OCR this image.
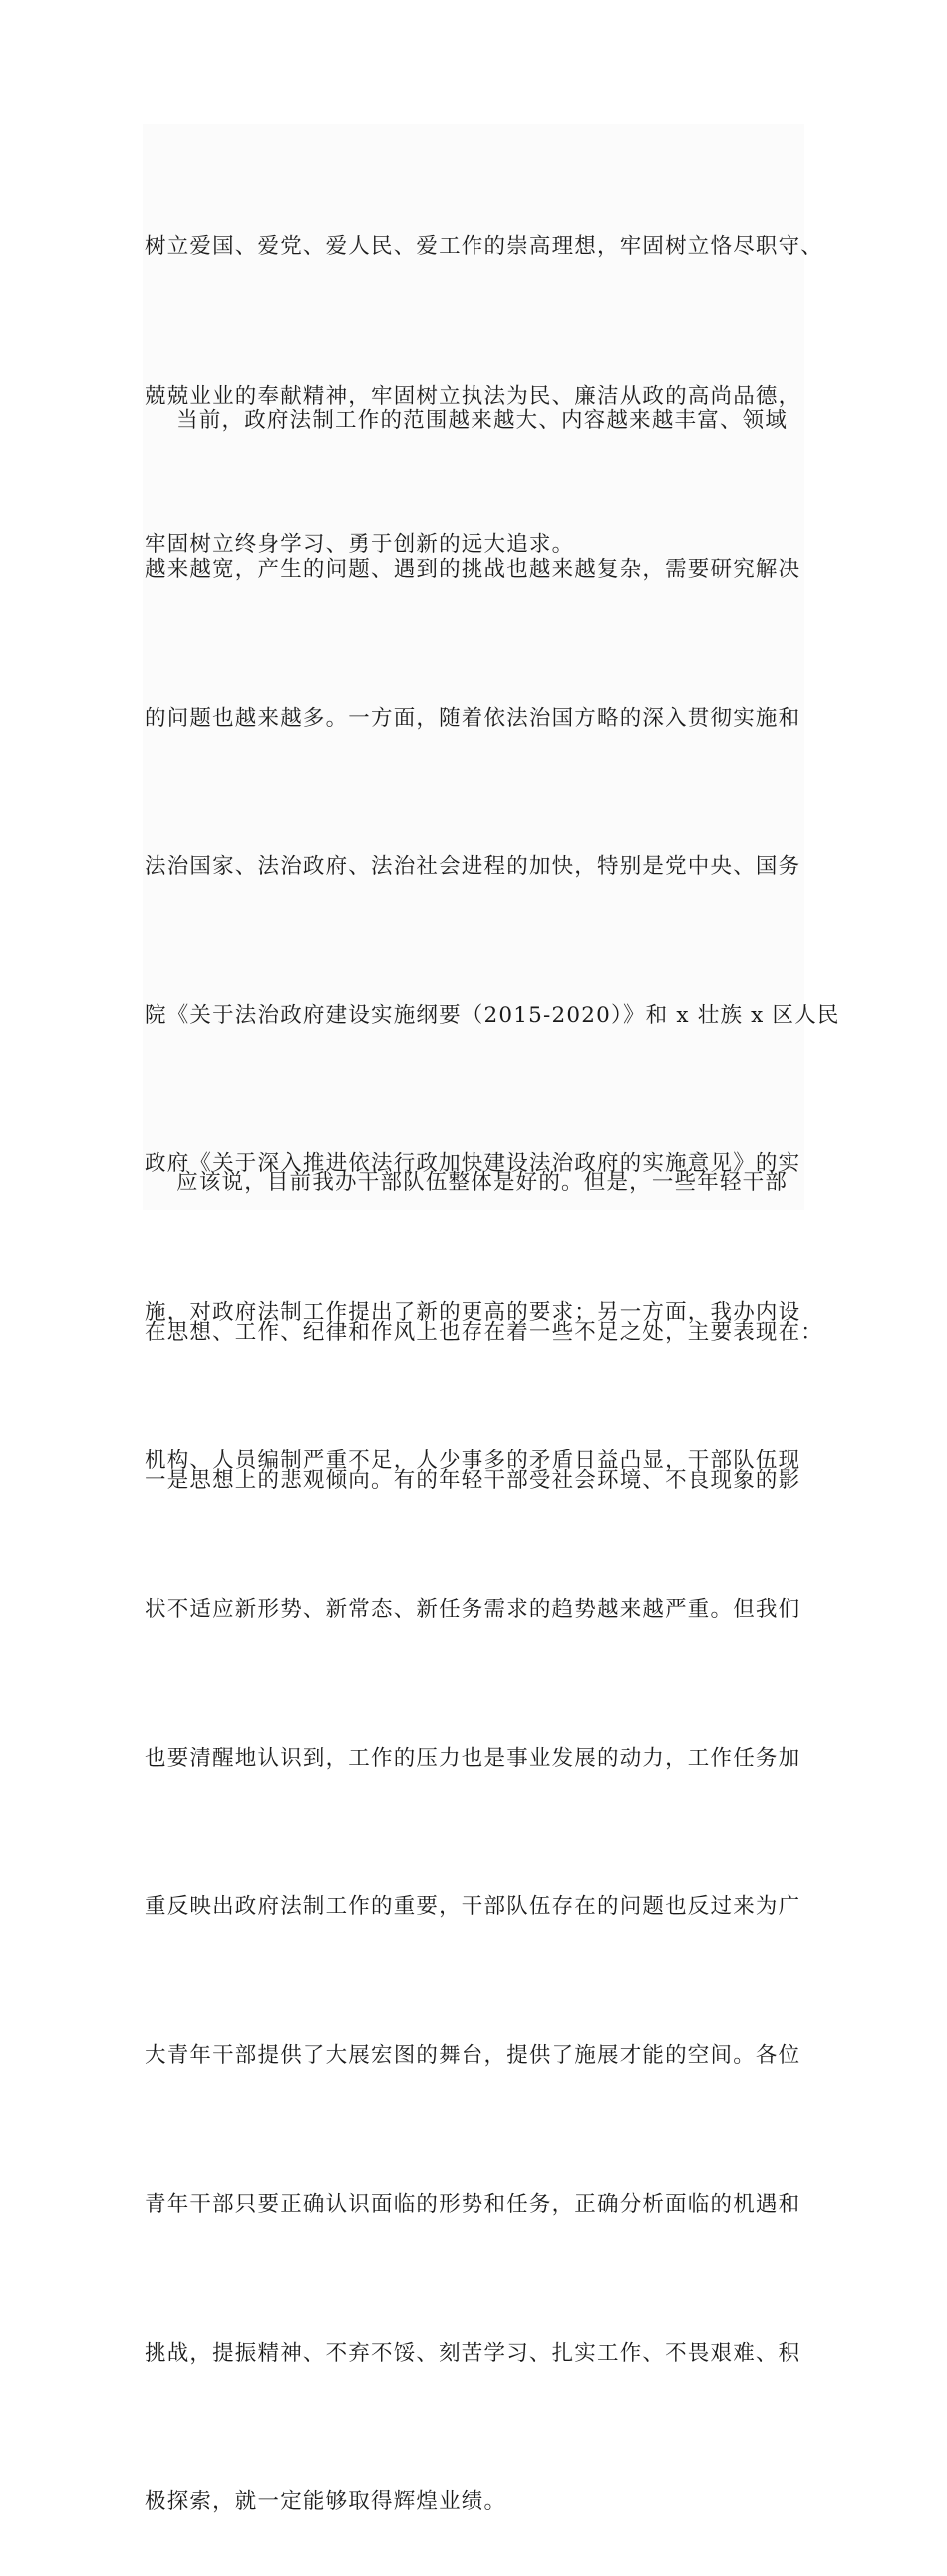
树立爱国、爱党、爱人民、爱工作的崇高理想，牢固树立恪尽职守、

兢兢业业的奉献精神，牢固树立执法为民、廉洁从政的高尚品德，

牢固树立终身学习、勇于创新的远大追求。

当前，政府法制工作的范围越来越大、内容越来越丰富、领域

越来越宽，产生的问题、遇到的挑战也越来越复杂，需要研究解决

的问题也越来越多。一方面，随着依法治国方略的深入贯彻实施和

法治国家、法治政府、法治社会进程的加快，特别是党中央、国务

院《关于法治政府建设实施纲要（2015-2020）》和 x 壮族 x 区人民

政府《关于深入推进依法行政加快建设法治政府的实施意见》的实

施，对政府法制工作提出了新的更高的要求；另一方面，我办内设

机构、人员编制严重不足，人少事多的矛盾日益凸显，干部队伍现

状不适应新形势、新常态、新任务需求的趋势越来越严重。但我们

也要清醒地认识到，工作的压力也是事业发展的动力，工作任务加

重反映出政府法制工作的重要，干部队伍存在的问题也反过来为广

大青年干部提供了大展宏图的舞台，提供了施展才能的空间。各位

青年干部只要正确认识面临的形势和任务，正确分析面临的机遇和

挑战，提振精神、不弃不馁、刻苦学习、扎实工作、不畏艰难、积

极探索，就一定能够取得辉煌业绩。

应该说，目前我办干部队伍整体是好的。但是，一些年轻干部

在思想、工作、纪律和作风上也存在着一些不足之处，主要表现在：

一是思想上的悲观倾向。有的年轻干部受社会环境、不良现象的影
